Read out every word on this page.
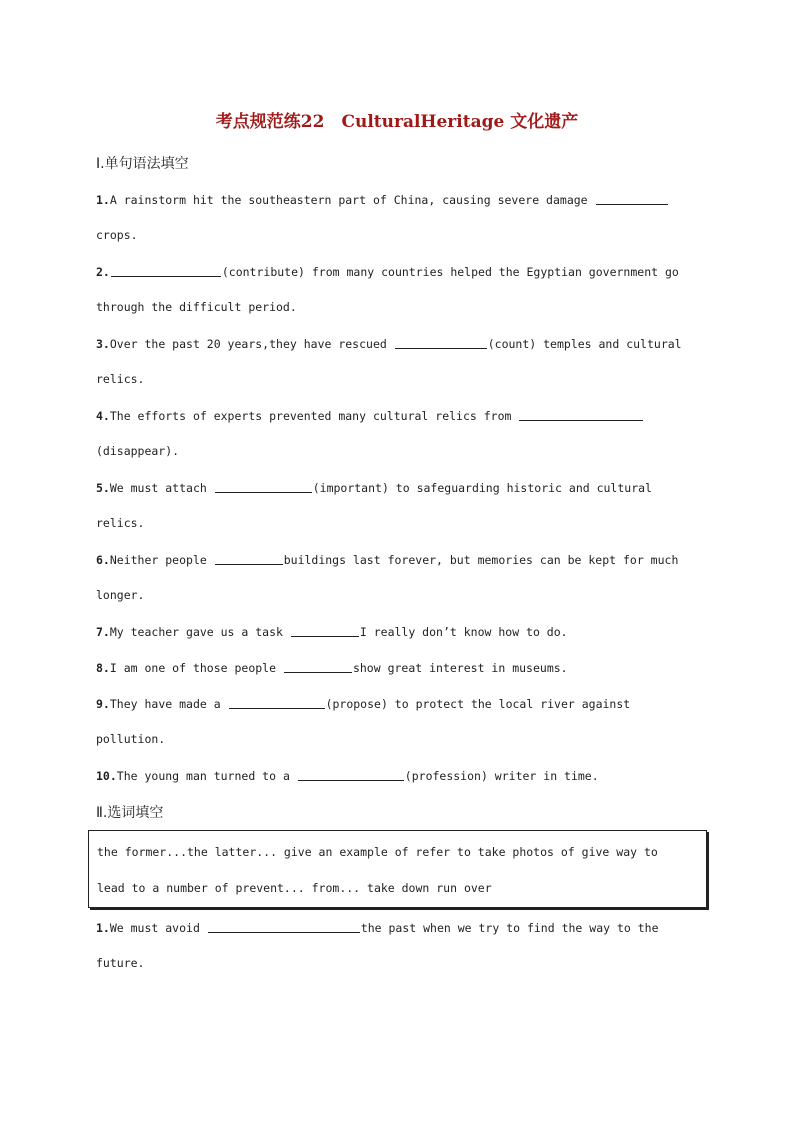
考点规范练22　CulturalHeritage 文化遗产
Ⅰ.单句语法填空
1.A rainstorm hit the southeastern part of China, causing severe damage
crops.
2.	(contribute) from many countries helped the Egyptian government go
through the difficult period.
3.Over the past 20 years,they have rescued	(count) temples and cultural
relics.
4.The efforts of experts prevented many cultural relics from
(disappear).
5.We must attach	(important) to safeguarding historic and cultural
relics.
6.Neither people	buildings last forever, but memories can be kept for much
longer.
7.My teacher gave us a task	I really don’t know how to do.
8.I am one of those people	show great interest in museums.
9.They have made a	(propose) to protect the local river against
pollution.
10.The young man turned to a	(profession) writer in time.
Ⅱ.选词填空
the former...the latter... give an example of refer to take photos of give way to
lead to a number of prevent... from... take down run over
1.We must avoid	the past when we try to find the way to the
future.
